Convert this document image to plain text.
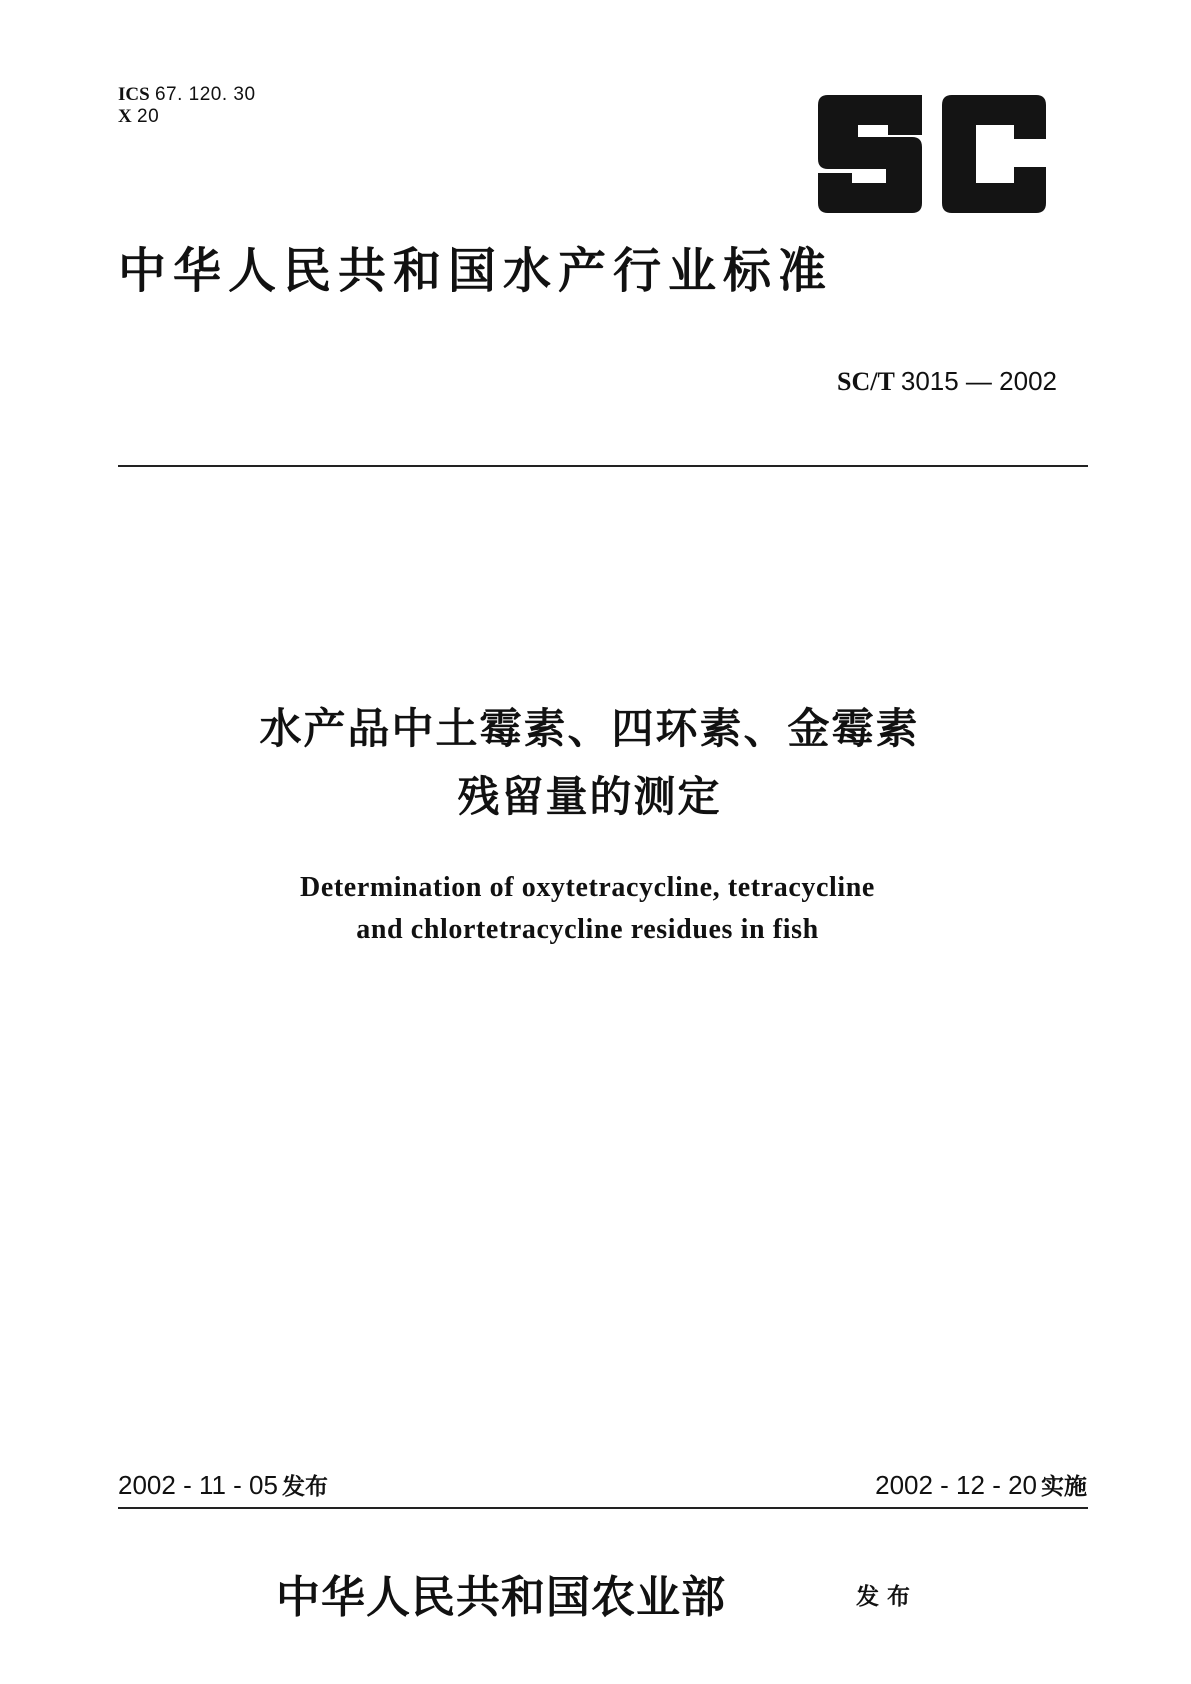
ICS 67. 120. 30
X 20
中华人民共和国水产行业标准
SC/T 3015 — 2002
水产品中土霉素、四环素、金霉素
残留量的测定
Determination of oxytetracycline, tetracycline
and chlortetracycline residues in fish
2002 - 11 - 05 发布	2002 - 12 - 20 实施
中华人民共和国农业部	发布
